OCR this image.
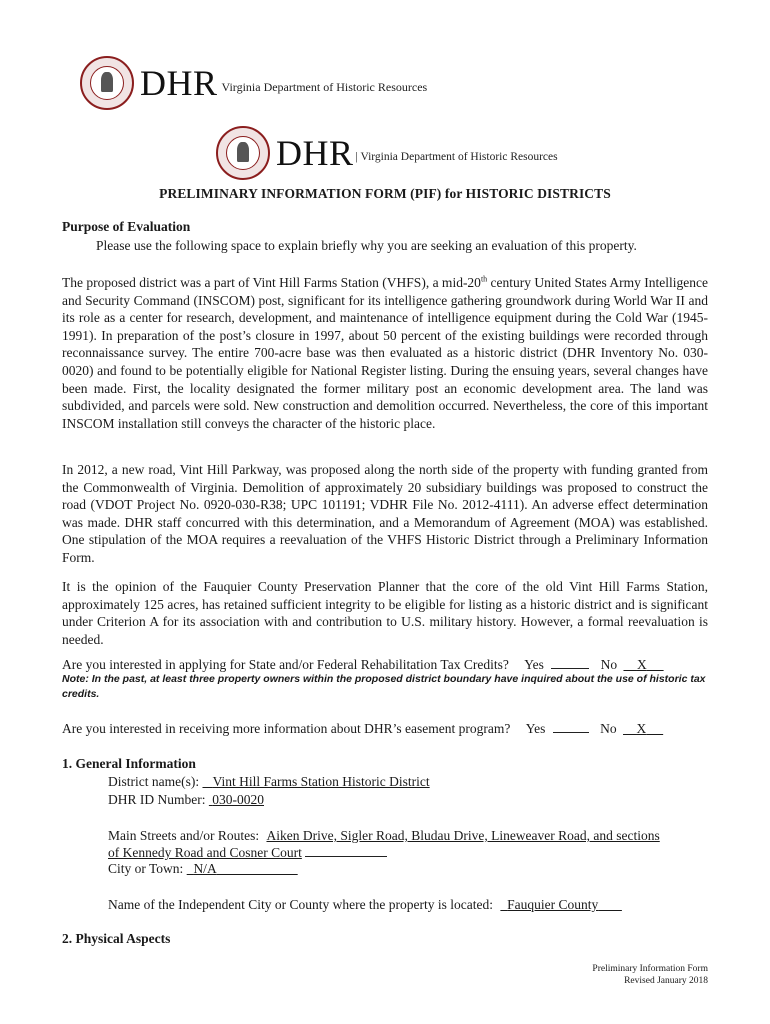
DHR Virginia Department of Historic Resources
DHR | Virginia Department of Historic Resources
PRELIMINARY INFORMATION FORM (PIF) for HISTORIC DISTRICTS
Purpose of Evaluation
Please use the following space to explain briefly why you are seeking an evaluation of this property.
The proposed district was a part of Vint Hill Farms Station (VHFS), a mid-20th century United States Army Intelligence and Security Command (INSCOM) post, significant for its intelligence gathering groundwork during World War II and its role as a center for research, development, and maintenance of intelligence equipment during the Cold War (1945-1991). In preparation of the post’s closure in 1997, about 50 percent of the existing buildings were recorded through reconnaissance survey. The entire 700-acre base was then evaluated as a historic district (DHR Inventory No. 030-0020) and found to be potentially eligible for National Register listing. During the ensuing years, several changes have been made. First, the locality designated the former military post an economic development area. The land was subdivided, and parcels were sold. New construction and demolition occurred. Nevertheless, the core of this important INSCOM installation still conveys the character of the historic place.
In 2012, a new road, Vint Hill Parkway, was proposed along the north side of the property with funding granted from the Commonwealth of Virginia. Demolition of approximately 20 subsidiary buildings was proposed to construct the road (VDOT Project No. 0920-030-R38; UPC 101191; VDHR File No. 2012-4111). An adverse effect determination was made. DHR staff concurred with this determination, and a Memorandum of Agreement (MOA) was established. One stipulation of the MOA requires a reevaluation of the VHFS Historic District through a Preliminary Information Form.
It is the opinion of the Fauquier County Preservation Planner that the core of the old Vint Hill Farms Station, approximately 125 acres, has retained sufficient integrity to be eligible for listing as a historic district and is significant under Criterion A for its association with and contribution to U.S. military history. However, a formal reevaluation is needed.
Are you interested in applying for State and/or Federal Rehabilitation Tax Credits? Yes	No X
Note: In the past, at least three property owners within the proposed district boundary have inquired about the use of historic tax credits.
Are you interested in receiving more information about DHR’s easement program? Yes	No X
1. General Information
District name(s): Vint Hill Farms Station Historic District
DHR ID Number: 030-0020
Main Streets and/or Routes: Aiken Drive, Sigler Road, Bludau Drive, Lineweaver Road, and sections
of Kennedy Road and Cosner Court
City or Town: N/A
Name of the Independent City or County where the property is located: Fauquier County
2. Physical Aspects
Preliminary Information Form
Revised January 2018
